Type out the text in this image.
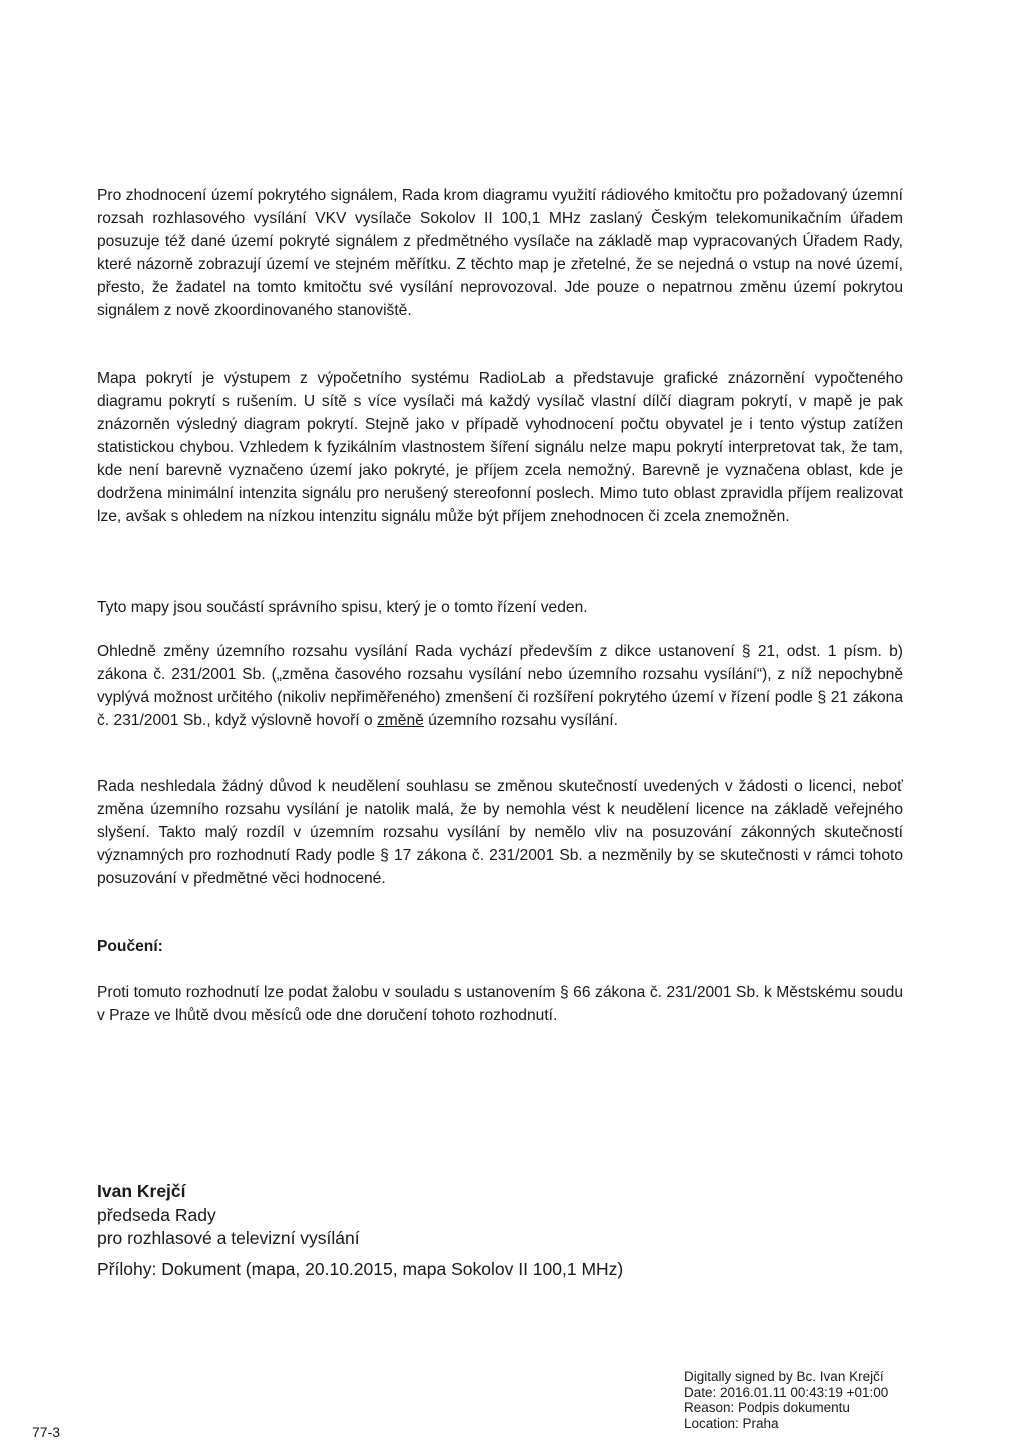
Pro zhodnocení území pokrytého signálem, Rada krom diagramu využití rádiového kmitočtu pro požadovaný územní rozsah rozhlasového vysílání VKV vysílače Sokolov II 100,1 MHz zaslaný Českým telekomunikačním úřadem posuzuje též dané území pokryté signálem z předmětného vysílače na základě map vypracovaných Úřadem Rady, které názorně zobrazují území ve stejném měřítku. Z těchto map je zřetelné, že se nejedná o vstup na nové území, přesto, že žadatel na tomto kmitočtu své vysílání neprovozoval. Jde pouze o nepatrnou změnu území pokrytou signálem z nově zkoordinovaného stanoviště.

Mapa pokrytí je výstupem z výpočetního systému RadioLab a představuje grafické znázornění vypočteného diagramu pokrytí s rušením. U sítě s více vysílači má každý vysílač vlastní dílčí diagram pokrytí, v mapě je pak znázorněn výsledný diagram pokrytí. Stejně jako v případě vyhodnocení počtu obyvatel je i tento výstup zatížen statistickou chybou. Vzhledem k fyzikálním vlastnostem šíření signálu nelze mapu pokrytí interpretovat tak, že tam, kde není barevně vyznačeno území jako pokryté, je příjem zcela nemožný. Barevně je vyznačena oblast, kde je dodržena minimální intenzita signálu pro nerušený stereofonní poslech. Mimo tuto oblast zpravidla příjem realizovat lze, avšak s ohledem na nízkou intenzitu signálu může být příjem znehodnocen či zcela znemožněn.

Tyto mapy jsou součástí správního spisu, který je o tomto řízení veden.

Ohledně změny územního rozsahu vysílání Rada vychází především z dikce ustanovení § 21, odst. 1 písm. b) zákona č. 231/2001 Sb. („změna časového rozsahu vysílání nebo územního rozsahu vysílání“), z níž nepochybně vyplývá možnost určitého (nikoliv nepřiměřeného) zmenšení či rozšíření pokrytého území v řízení podle § 21 zákona č. 231/2001 Sb., když výslovně hovoří o změně územního rozsahu vysílání.

Rada neshledala žádný důvod k neudělení souhlasu se změnou skutečností uvedených v žádosti o licenci, neboť změna územního rozsahu vysílání je natolik malá, že by nemohla vést k neudělení licence na základě veřejného slyšení. Takto malý rozdíl v územním rozsahu vysílání by nemělo vliv na posuzování zákonných skutečností významných pro rozhodnutí Rady podle § 17 zákona č. 231/2001 Sb. a nezměnily by se skutečnosti v rámci tohoto posuzování v předmětné věci hodnocené.

Poučení:

Proti tomuto rozhodnutí lze podat žalobu v souladu s ustanovením § 66 zákona č. 231/2001 Sb. k Městskému soudu v Praze ve lhůtě dvou měsíců ode dne doručení tohoto rozhodnutí.

Ivan Krejčí
předseda Rady
pro rozhlasové a televizní vysílání
Přílohy: Dokument (mapa, 20.10.2015, mapa Sokolov II 100,1 MHz)
Digitally signed by Bc. Ivan Krejčí
Date: 2016.01.11 00:43:19 +01:00
Reason: Podpis dokumentu
Location: Praha
77-3
